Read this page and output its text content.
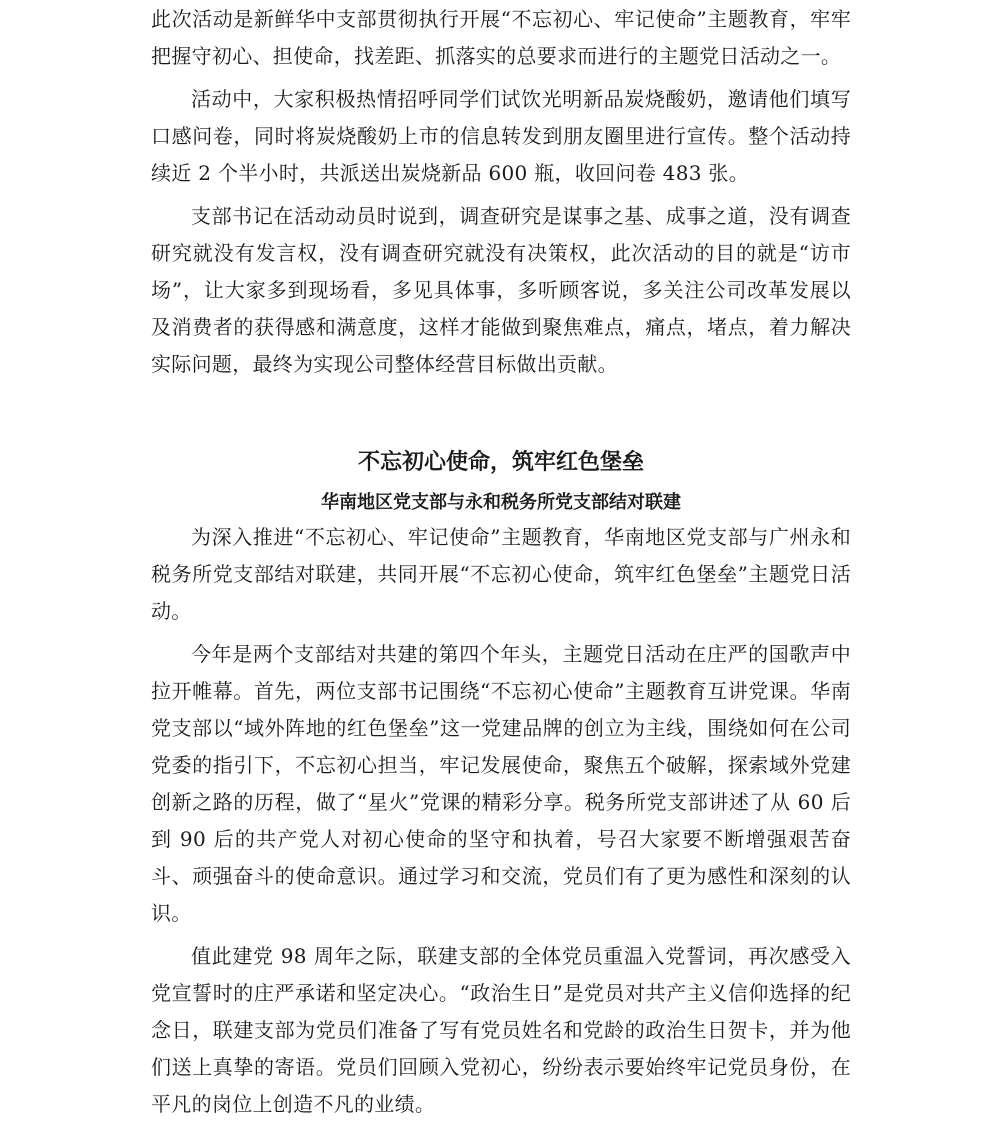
此次活动是新鲜华中支部贯彻执行开展“不忘初心、牢记使命”主题教育，牢牢把握守初心、担使命，找差距、抓落实的总要求而进行的主题党日活动之一。

活动中，大家积极热情招呼同学们试饮光明新品炭烧酸奶，邀请他们填写口感问卷，同时将炭烧酸奶上市的信息转发到朋友圈里进行宣传。整个活动持续近 2 个半小时，共派送出炭烧新品 600 瓶，收回问卷 483 张。

支部书记在活动动员时说到，调查研究是谋事之基、成事之道，没有调查研究就没有发言权，没有调查研究就没有决策权，此次活动的目的就是“访市场”，让大家多到现场看，多见具体事，多听顾客说，多关注公司改革发展以及消费者的获得感和满意度，这样才能做到聚焦难点，痛点，堵点，着力解决实际问题，最终为实现公司整体经营目标做出贡献。

不忘初心使命，筑牢红色堡垒
华南地区党支部与永和税务所党支部结对联建

为深入推进“不忘初心、牢记使命”主题教育，华南地区党支部与广州永和税务所党支部结对联建，共同开展“不忘初心使命，筑牢红色堡垒”主题党日活动。

今年是两个支部结对共建的第四个年头，主题党日活动在庄严的国歌声中拉开帷幕。首先，两位支部书记围绕“不忘初心使命”主题教育互讲党课。华南党支部以“域外阵地的红色堡垒”这一党建品牌的创立为主线，围绕如何在公司党委的指引下，不忘初心担当，牢记发展使命，聚焦五个破解，探索域外党建创新之路的历程，做了“星火”党课的精彩分享。税务所党支部讲述了从 60 后到 90 后的共产党人对初心使命的坚守和执着，号召大家要不断增强艰苦奋斗、顽强奋斗的使命意识。通过学习和交流，党员们有了更为感性和深刻的认识。

值此建党 98 周年之际，联建支部的全体党员重温入党誓词，再次感受入党宣誓时的庄严承诺和坚定决心。“政治生日”是党员对共产主义信仰选择的纪念日，联建支部为党员们准备了写有党员姓名和党龄的政治生日贺卡，并为他们送上真挚的寄语。党员们回顾入党初心，纷纷表示要始终牢记党员身份，在平凡的岗位上创造不凡的业绩。
